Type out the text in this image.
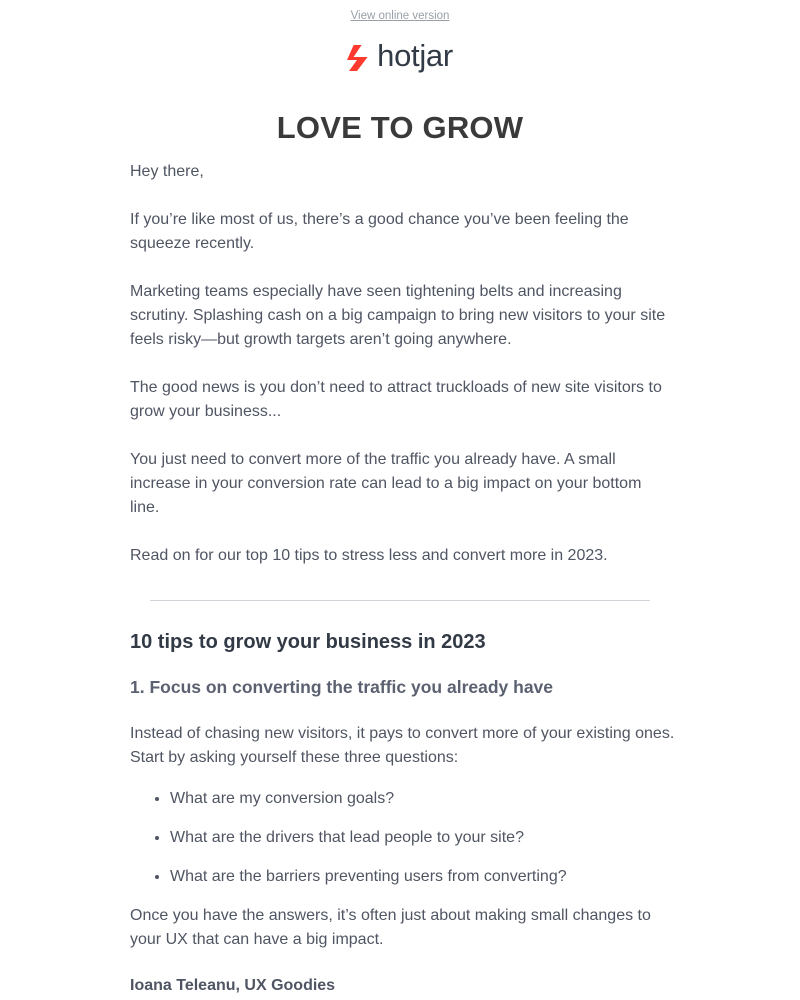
View online version
hotjar
LOVE TO GROW

Hey there,

If you’re like most of us, there’s a good chance you’ve been feeling the squeeze recently.

Marketing teams especially have seen tightening belts and increasing scrutiny. Splashing cash on a big campaign to bring new visitors to your site feels risky—but growth targets aren’t going anywhere.

The good news is you don’t need to attract truckloads of new site visitors to grow your business...

You just need to convert more of the traffic you already have. A small increase in your conversion rate can lead to a big impact on your bottom line.

Read on for our top 10 tips to stress less and convert more in 2023.

10 tips to grow your business in 2023
1. Focus on converting the traffic you already have

Instead of chasing new visitors, it pays to convert more of your existing ones. Start by asking yourself these three questions:

• What are my conversion goals?
• What are the drivers that lead people to your site?
• What are the barriers preventing users from converting?

Once you have the answers, it’s often just about making small changes to your UX that can have a big impact.

Ioana Teleanu, UX Goodies
